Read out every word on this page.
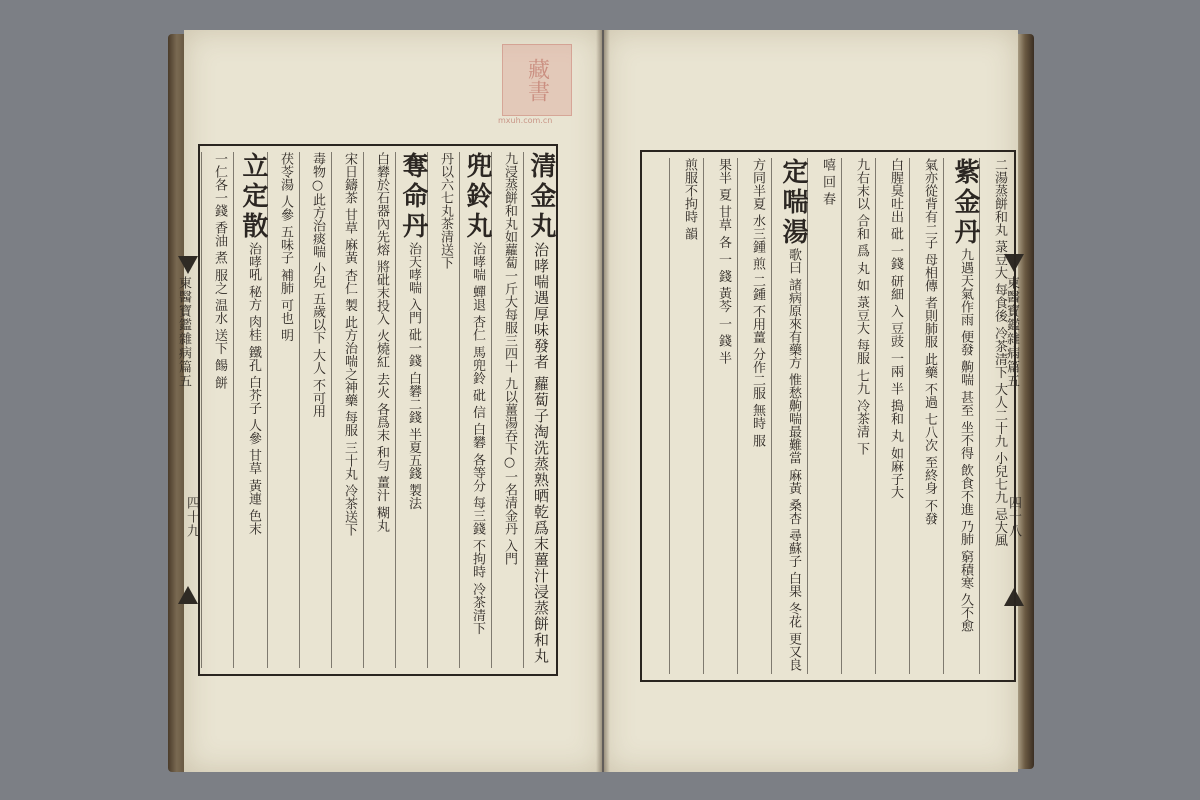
藏書
mxuh.com.cn
東醫寶鑑雜病篇五
四十九
東醫寶鑑雜病篇五
四十八
清金丸治哮喘遇厚味發者 蘿蔔子淘洗蒸熟晒乾爲末薑汁浸蒸餅和丸
九浸蒸餅和丸如蘿蔔一斤大每服三四十 九以薑湯吞下○一名清金丹 入門
兜鈴丸治哮喘 蟬退 杏仁 馬兜鈴 砒 信 白礬 各等分 每三錢 不拘時 冷茶清下
丹以六七丸茶清送下
奪命丹治天哮喘 入門 砒一錢 白礬二錢 半夏五錢 製法
白礬於石器內先熔 將砒末投入 火燒紅 去火 各爲末 和勻 薑汁 糊丸
宋日鑄茶 甘草 麻黃 杏仁 製 此方治喘之神藥 每服 三十丸 冷茶送下
毒物○此方治痰喘 小兒 五歲以下 大人 不可用
茯苓湯 人參 五味子 補肺 可也 明
立定散治哮吼 秘方 肉桂 鐵孔 白芥子 人參 甘草 黃連 色末
一仁各一錢 香油 煮 服之 温水 送下 餳 餅	二湯蒸餅和丸 菉豆大 每食後 冷茶清下 大人二十九 小兒七九 忌大風
紫金丹九遇天氣作雨 便發 齁喘 甚至 坐不得 飲食不進 乃肺 窮積寒 久不愈
氣亦從背有二子 母相傳 者則肺服 此藥 不過 七八次 至終身 不發
白腥臭吐出 砒 一錢 研細 入 豆豉 一兩 半 搗和 丸 如麻子大
九右末以 合和 爲 丸 如 菉豆大 每服 七九 冷茶清 下
嘻 回 春
定喘湯歌曰 諸病原來有藥方 惟愁齁喘最難當 麻黃 桑杏 尋蘇子 白果 冬花 更又良
方同半夏 水三鍾 煎 二鍾 不用薑 分作二服 無時 服
果半 夏 甘草 各 一 錢 黃芩 一 錢 半
煎服不拘時 韻
